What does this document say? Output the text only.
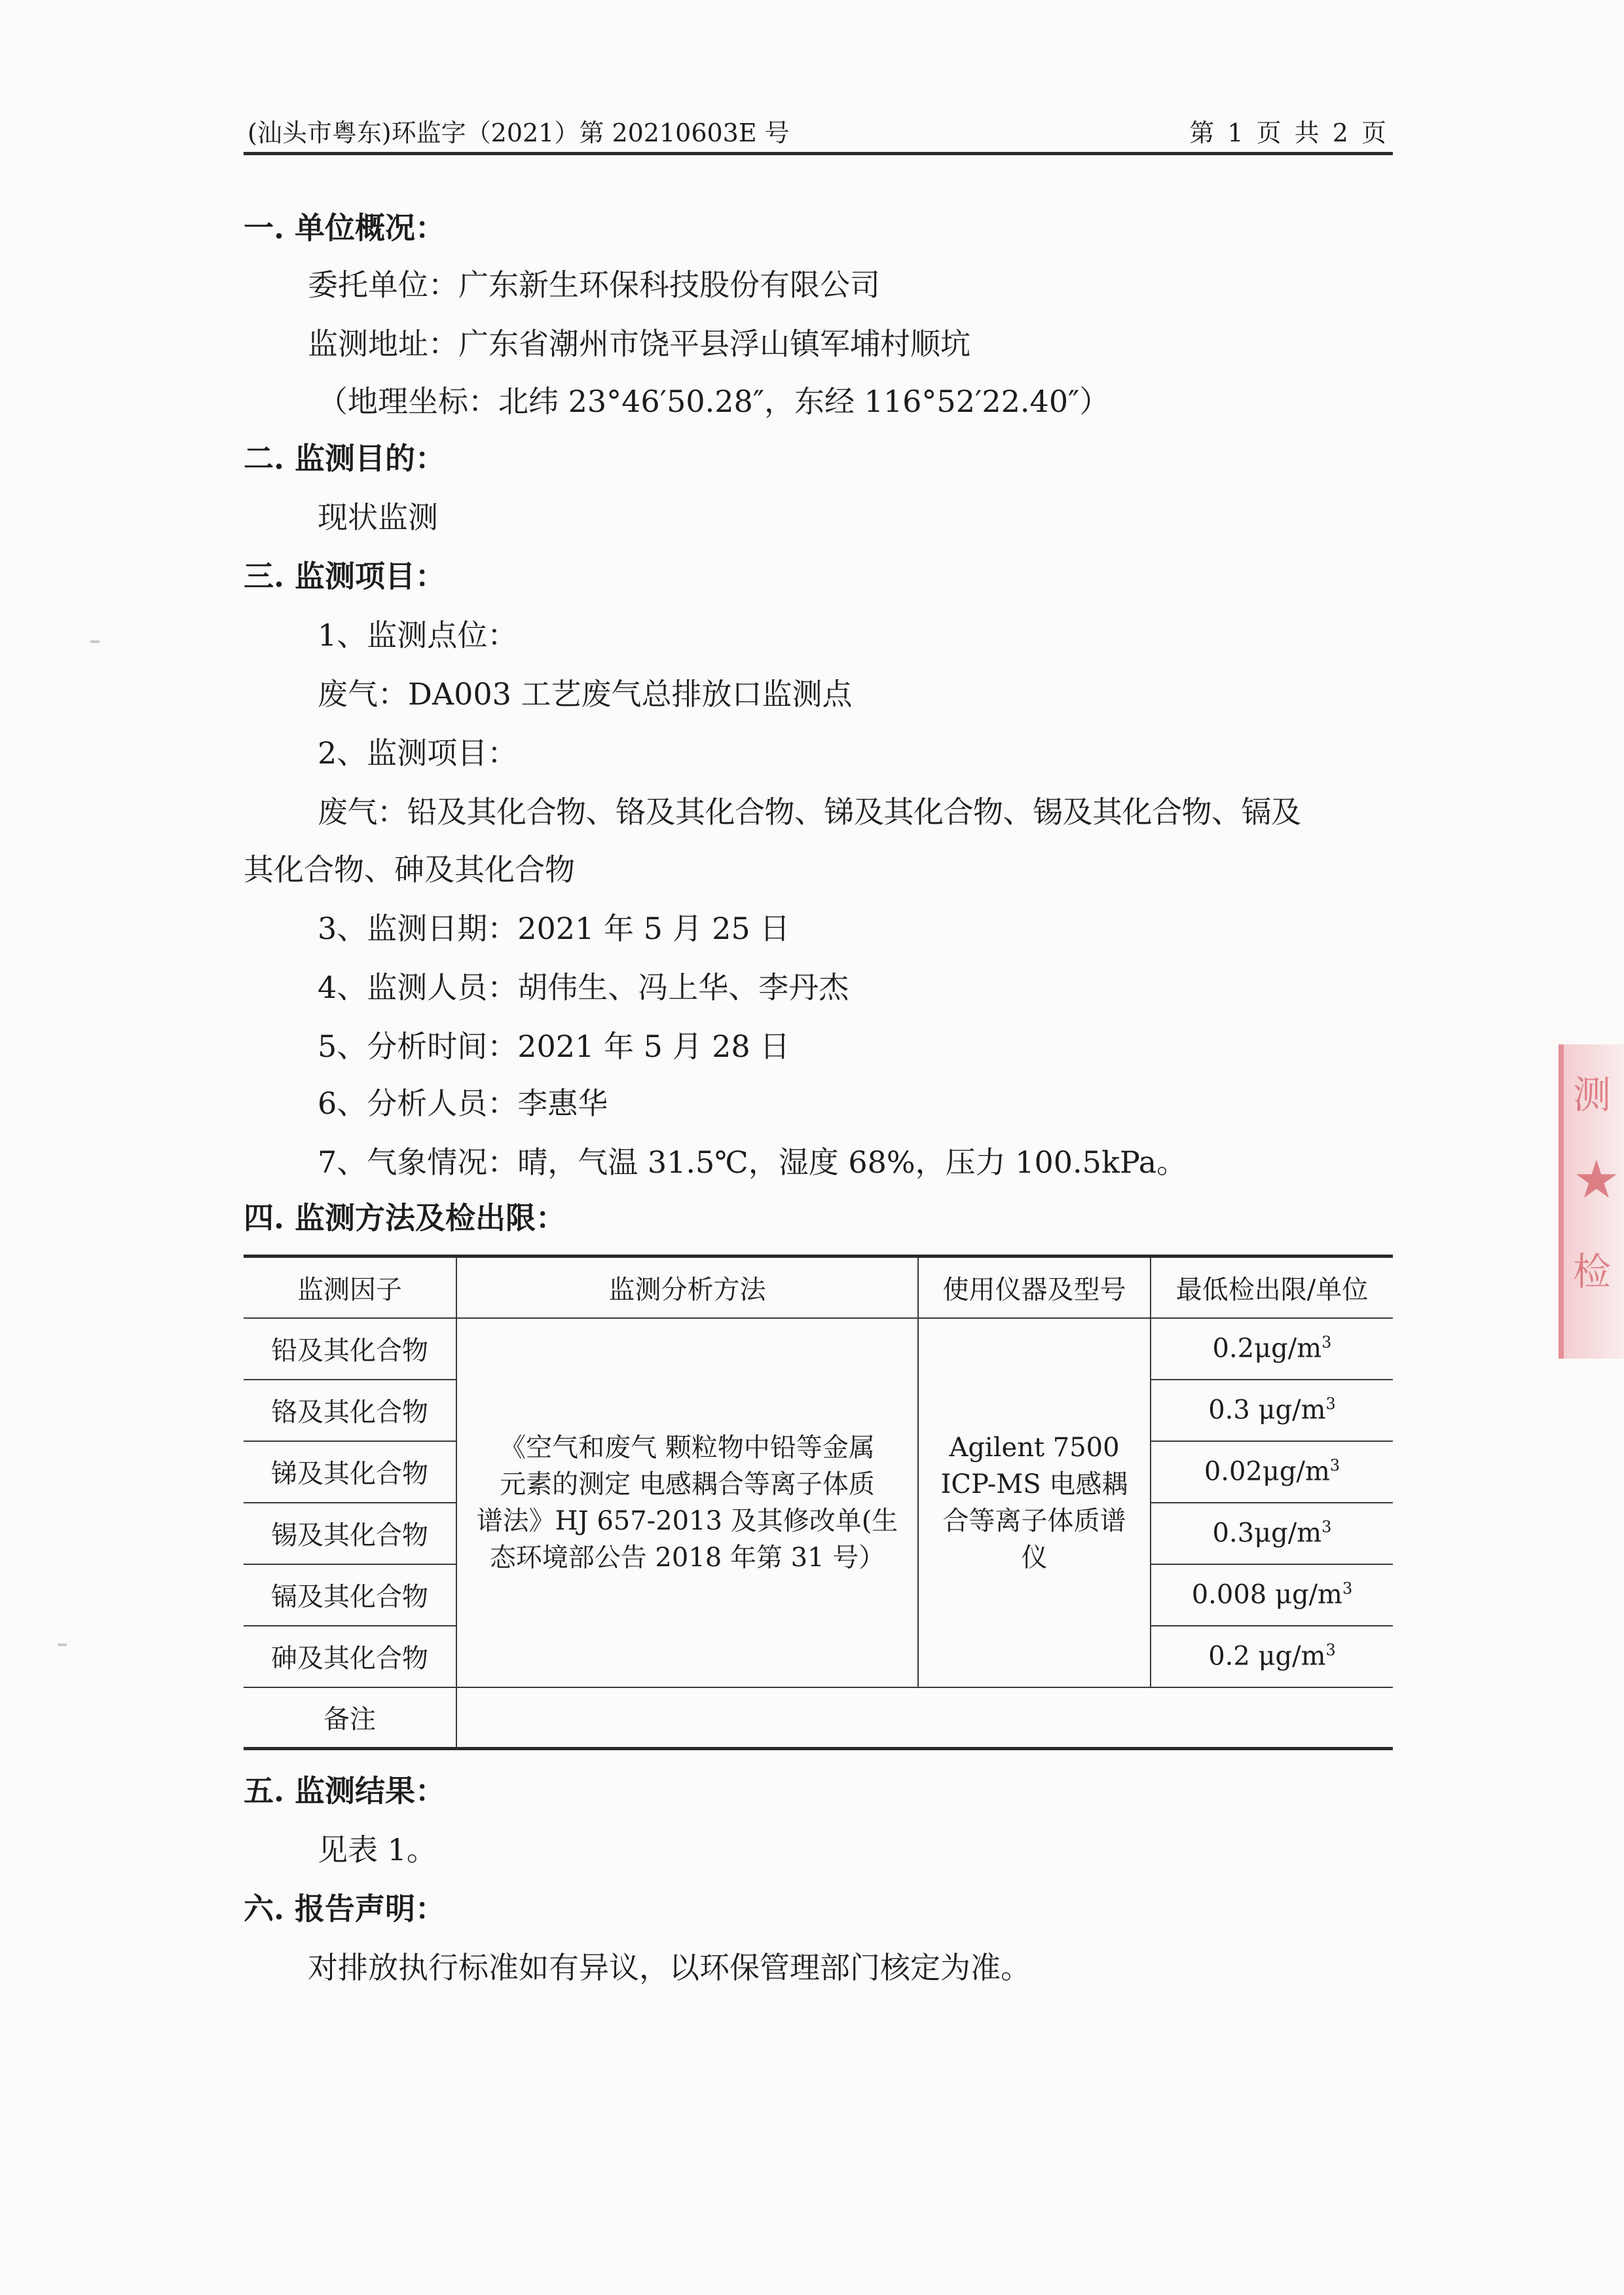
(汕头市粤东)环监字（2021）第 20210603E 号	第 1 页 共 2 页
一. 单位概况：
委托单位：广东新生环保科技股份有限公司
监测地址：广东省潮州市饶平县浮山镇军埔村顺坑
（地理坐标：北纬 23°46′50.28″，东经 116°52′22.40″）
二. 监测目的：
现状监测
三. 监测项目：
1、监测点位：
废气：DA003 工艺废气总排放口监测点
2、监测项目：
废气：铅及其化合物、铬及其化合物、锑及其化合物、锡及其化合物、镉及
其化合物、砷及其化合物
3、监测日期：2021 年 5 月 25 日
4、监测人员：胡伟生、冯上华、李丹杰
5、分析时间：2021 年 5 月 28 日
6、分析人员：李惠华
7、气象情况：晴，气温 31.5℃，湿度 68%，压力 100.5kPa。
四. 监测方法及检出限：
监测因子	监测分析方法	使用仪器及型号	最低检出限/单位
铅及其化合物	《空气和废气 颗粒物中铅等金属
元素的测定 电感耦合等离子体质
谱法》HJ 657-2013 及其修改单(生
态环境部公告 2018 年第 31 号）	Agilent 7500
ICP-MS 电感耦
合等离子体质谱
仪	$0.2\mu g/m^3$
铬及其化合物			0.3 $\mu g/m^3$
锑及其化合物			$0.02\mu g/m^3$
锡及其化合物			$0.3\mu g/m^3$
镉及其化合物			0.008 $\mu g/m^3$
砷及其化合物			0.2 $\mu g/m^3$
备注			
五. 监测结果：
见表 1。
六. 报告声明：
对排放执行标准如有异议，以环保管理部门核定为准。
测
★
检
